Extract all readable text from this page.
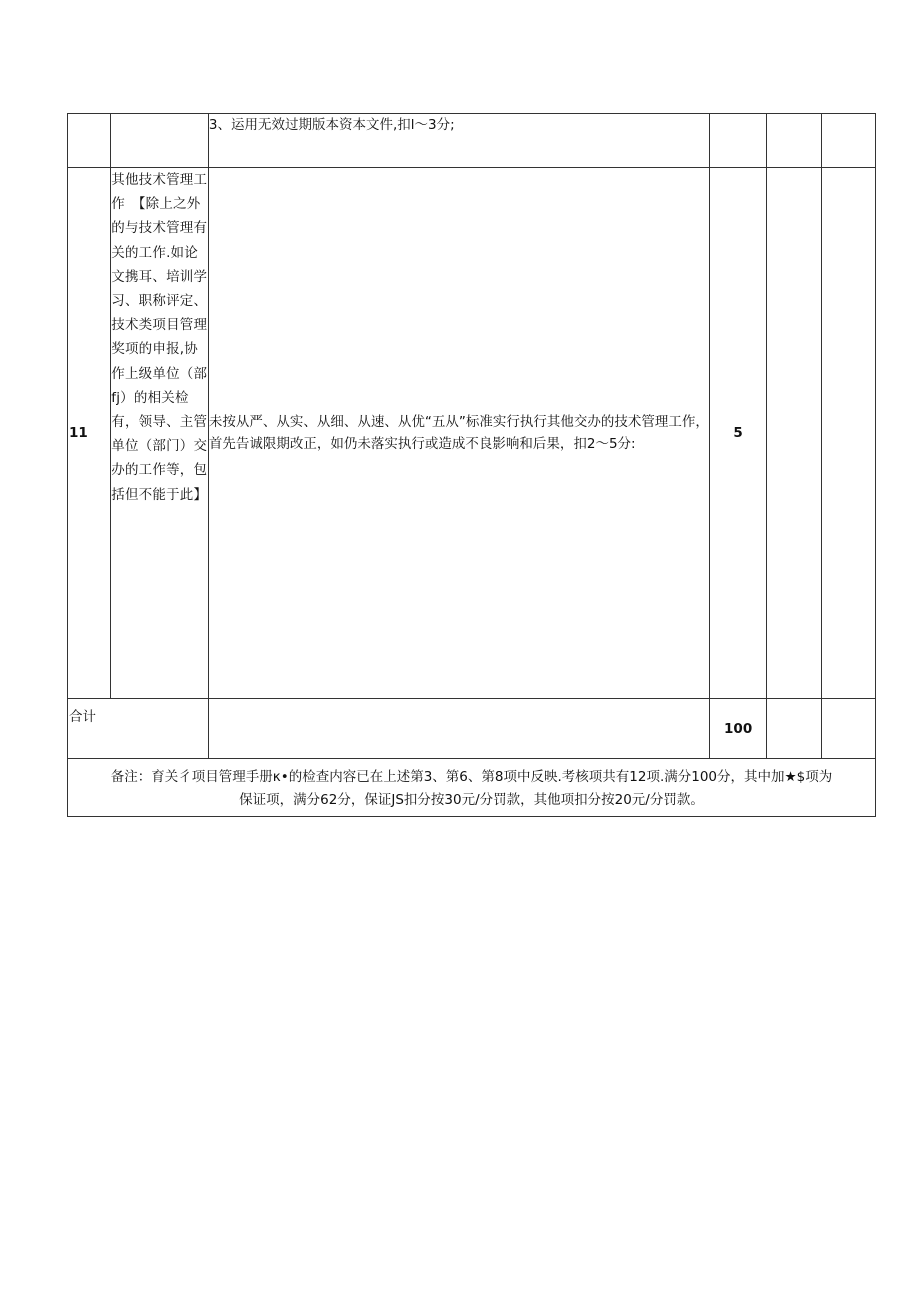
		3、运用无效过期版本资本文件,扣l～3分;			
11	其他技术管理工作　【除上之外的与技术管理有关的工作.如论文携耳、培训学习、职称评定、技术类项目管理奖项的申报,协作上级单位（部fj）的相关检有，领导、主管单位（部门）交办的工作等，包括但不能于此】	未按从严、从实、从细、从速、从优“五从”标准实行执行其他交办的技术管理工作，首先告诚限期改正，如仍未落实执行或造成不良影响和后果，扣2～5分:	5		
合计			100		

备注：育关彳项目管理手册κ•的检查内容已在上述第3、第6、第8项中反映.考核项共有12项.满分100分，其中加★$项为
保证项，满分62分，保证JS扣分按30元/分罚款，其他项扣分按20元/分罚款。					
